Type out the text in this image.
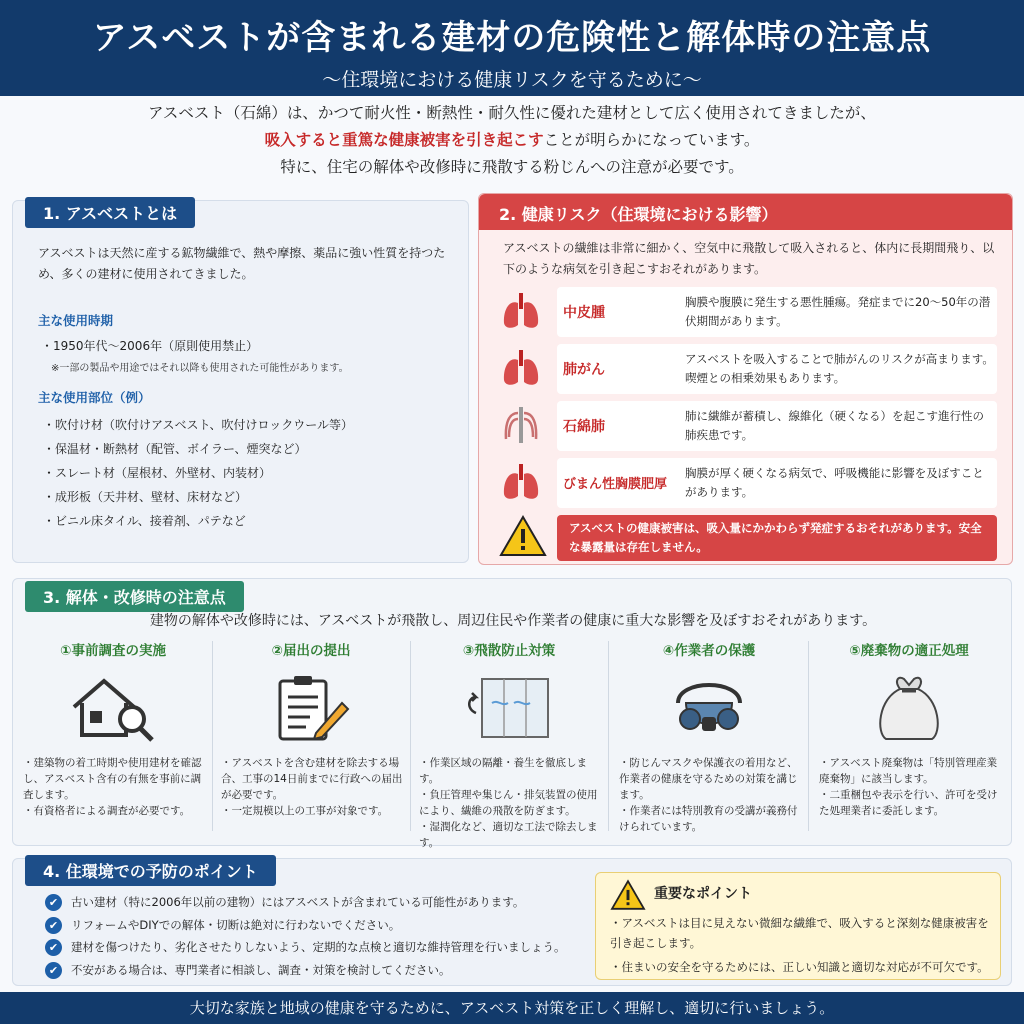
アスベストが含まれる建材の危険性と解体時の注意点
〜住環境における健康リスクを守るために〜
アスベスト（石綿）は、かつて耐火性・断熱性・耐久性に優れた建材として広く使用されてきましたが、
吸入すると重篤な健康被害を引き起こすことが明らかになっています。
特に、住宅の解体や改修時に飛散する粉じんへの注意が必要です。
1. アスベストとは
アスベストは天然に産する鉱物繊維で、熱や摩擦、薬品に強い性質を持つため、多くの建材に使用されてきました。
主な使用時期
・1950年代〜2006年（原則使用禁止）
※一部の製品や用途ではそれ以降も使用された可能性があります。
主な使用部位（例）
・吹付け材（吹付けアスベスト、吹付けロックウール等）
・保温材・断熱材（配管、ボイラー、煙突など）
・スレート材（屋根材、外壁材、内装材）
・成形板（天井材、壁材、床材など）
・ビニル床タイル、接着剤、パテなど
2. 健康リスク（住環境における影響）
アスベストの繊維は非常に細かく、空気中に飛散して吸入されると、体内に長期間飛り、以下のような病気を引き起こすおそれがあります。
中皮腫
胸膜や腹膜に発生する悪性腫瘍。発症までに20〜50年の潜伏期間があります。
肺がん
アスベストを吸入することで肺がんのリスクが高まります。喫煙との相乗効果もあります。
石綿肺
肺に繊維が蓄積し、線維化（硬くなる）を起こす進行性の肺疾患です。
びまん性胸膜肥厚
胸膜が厚く硬くなる病気で、呼吸機能に影響を及ぼすことがあります。
アスベストの健康被害は、吸入量にかかわらず発症するおそれがあります。安全な暴露量は存在しません。
3. 解体・改修時の注意点
建物の解体や改修時には、アスベストが飛散し、周辺住民や作業者の健康に重大な影響を及ぼすおそれがあります。
①事前調査の実施
・建築物の着工時期や使用建材を確認し、アスベスト含有の有無を事前に調査します。
・有資格者による調査が必要です。
②届出の提出
・アスベストを含む建材を除去する場合、工事の14日前までに行政への届出が必要です。
・一定規模以上の工事が対象です。
③飛散防止対策
・作業区域の隔離・養生を徹底します。
・負圧管理や集じん・排気装置の使用により、繊維の飛散を防ぎます。
・湿潤化など、適切な工法で除去します。
④作業者の保護
・防じんマスクや保護衣の着用など、作業者の健康を守るための対策を講じます。
・作業者には特別教育の受講が義務付けられています。
⑤廃棄物の適正処理
・アスベスト廃棄物は「特別管理産業廃棄物」に該当します。
・二重梱包や表示を行い、許可を受けた処理業者に委託します。
4. 住環境での予防のポイント
✔	古い建材（特に2006年以前の建物）にはアスベストが含まれている可能性があります。
✔	リフォームやDIYでの解体・切断は絶対に行わないでください。
✔	建材を傷つけたり、劣化させたりしないよう、定期的な点検と適切な維持管理を行いましょう。
✔	不安がある場合は、専門業者に相談し、調査・対策を検討してください。
重要なポイント
・アスベストは目に見えない微細な繊維で、吸入すると深刻な健康被害を引き起こします。
・住まいの安全を守るためには、正しい知識と適切な対応が不可欠です。
大切な家族と地域の健康を守るために、アスベスト対策を正しく理解し、適切に行いましょう。
